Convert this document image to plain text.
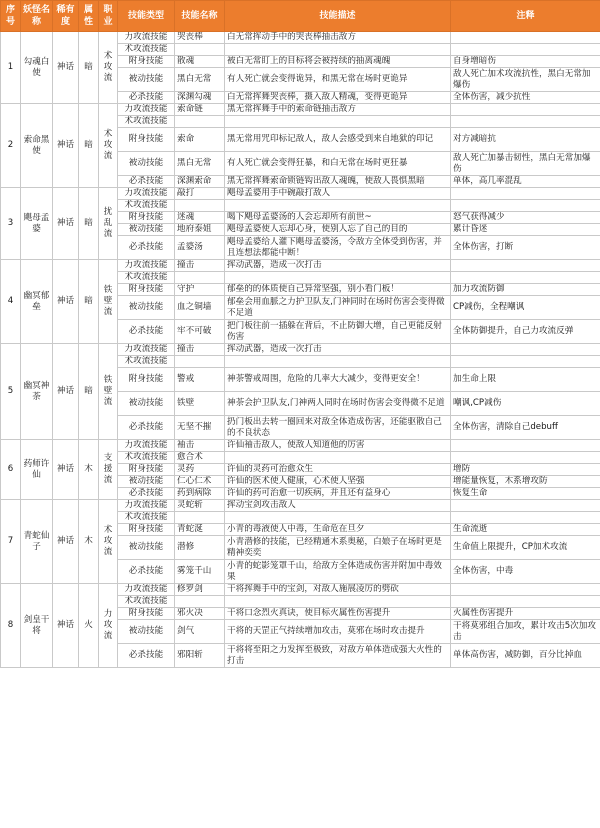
序号	妖怪名称	稀有度	属性	职业	技能类型	技能名称	技能描述	注释
1	勾魂白使	神话	暗	术攻流	力攻流技能	哭丧棒	白无常挥动手中的哭丧棒抽击敌方	
					术攻流技能			
					附身技能	散魂	被白无常盯上的目标将会被持续的抽离魂魄	自身增暗伤
					被动技能	黑白无常	有人死亡就会变得诡异，和黑无常在场时更诡异	敌人死亡加术攻流抗性，黑白无常加爆伤
					必杀技能	深渊勾魂	白无常挥舞哭丧棒，摄入敌人精魂，变得更诡异	全体伤害，减少抗性
2	索命黑使	神话	暗	术攻流	力攻流技能	索命链	黑无常挥舞手中的索命链抽击敌方	
					术攻流技能			
					附身技能	索命	黑无常用咒印标记敌人，敌人会感受到来自地狱的印记	对方减暗抗
					被动技能	黑白无常	有人死亡就会变得狂暴，和白无常在场时更狂暴	敌人死亡加暴击韧性，黑白无常加爆伤
					必杀技能	深渊索命	黑无常挥舞索命锁链钩出敌人魂魄，使敌人畏惧黑暗	单体，高几率混乱
3	飓母孟婆	神话	暗	扰乱流	力攻流技能	敲打	飓母孟婆用手中碗敲打敌人	
					术攻流技能			
					附身技能	迷魂	喝下飓母孟婆汤的人会忘却所有前世~	怒气获得减少
					被动技能	地府泰姐	飓母孟婆使人忘却心身，使别人忘了自己的目的	累计昏迷
					必杀技能	孟婆汤	飓母孟婆给人灌下飓母孟婆汤，令敌方全体受到伤害，并且连想法都能中断！	全体伤害，打断
4	幽冥郁垒	神话	暗	铁壁流	力攻流技能	撞击	挥动武器，造成一次打击	
					术攻流技能			
					附身技能	守护	郁垒的的体质使自己异常坚强，别小看门板！	加力攻流防御
					被动技能	血之铜墙	郁垒会用血脈之力护卫队友,门神同时在场时伤害会变得微不足道	CP减伤，全程嘲讽
					必杀技能	牢不可破	把门板往前一插躲在背后，不止防御大增，自己更能反射伤害	全体防御提升，自己力攻流反弹
5	幽冥神荼	神话	暗	铁壁流	力攻流技能	撞击	挥动武器，造成一次打击	
					术攻流技能			
					附身技能	警戒	神荼警戒周围，危险的几率大大减少，变得更安全！	加生命上限
					被动技能	铁壁	神荼会护卫队友,门神两人同时在场时伤害会变得微不足道	嘲讽,CP减伤
					必杀技能	无坚不摧	扔门板出去转一圈回来对敌全体造成伤害，还能驱散自己的不良状态	全体伤害，清除自己debuff
6	药师许仙	神话	木	支援流	力攻流技能	袖击	许仙袖击敌人，使敌人知道他的厉害	
					术攻流技能	愈合术		
					附身技能	灵药	许仙的灵药可治愈众生	增防
					被动技能	仁心仁术	许仙的医术使人健康，心术使人坚强	增能量恢复，木系增攻防
					必杀技能	药到病除	许仙的药可治愈一切疾病，并且还有益身心	恢复生命
7	青蛇仙子	神话	木	术攻流	力攻流技能	灵蛇斩	挥动宝剑攻击敌人	
					术攻流技能			
					附身技能	青蛇涎	小青的毒液使人中毒，生命危在旦夕	生命流逝
					被动技能	潜修	小青潜修的技能，已经精通木系奥秘，白娘子在场时更是精神奕奕	生命值上限提升，CP加术攻流
					必杀技能	雾笼千山	小青的蛇影笼罩千山，给敌方全体造成伤害并附加中毒效果	全体伤害，中毒
8	剑皇干将	神话	火	力攻流	力攻流技能	修罗剑	干将挥舞手中的宝剑，对敌人施展凌厉的劈砍	
					术攻流技能			
					附身技能	邪火决	干将口念烈火真诀，使目标火属性伤害提升	火属性伤害提升
					被动技能	剑气	干将的天罡正气持续增加攻击，莫邪在场时攻击提升	干将莫邪组合加攻，累计攻击5次加攻击
					必杀技能	邪阳斩	干将将至阳之力发挥至极致，对敌方单体造成强大火性的打击	单体高伤害，减防御，百分比掉血
